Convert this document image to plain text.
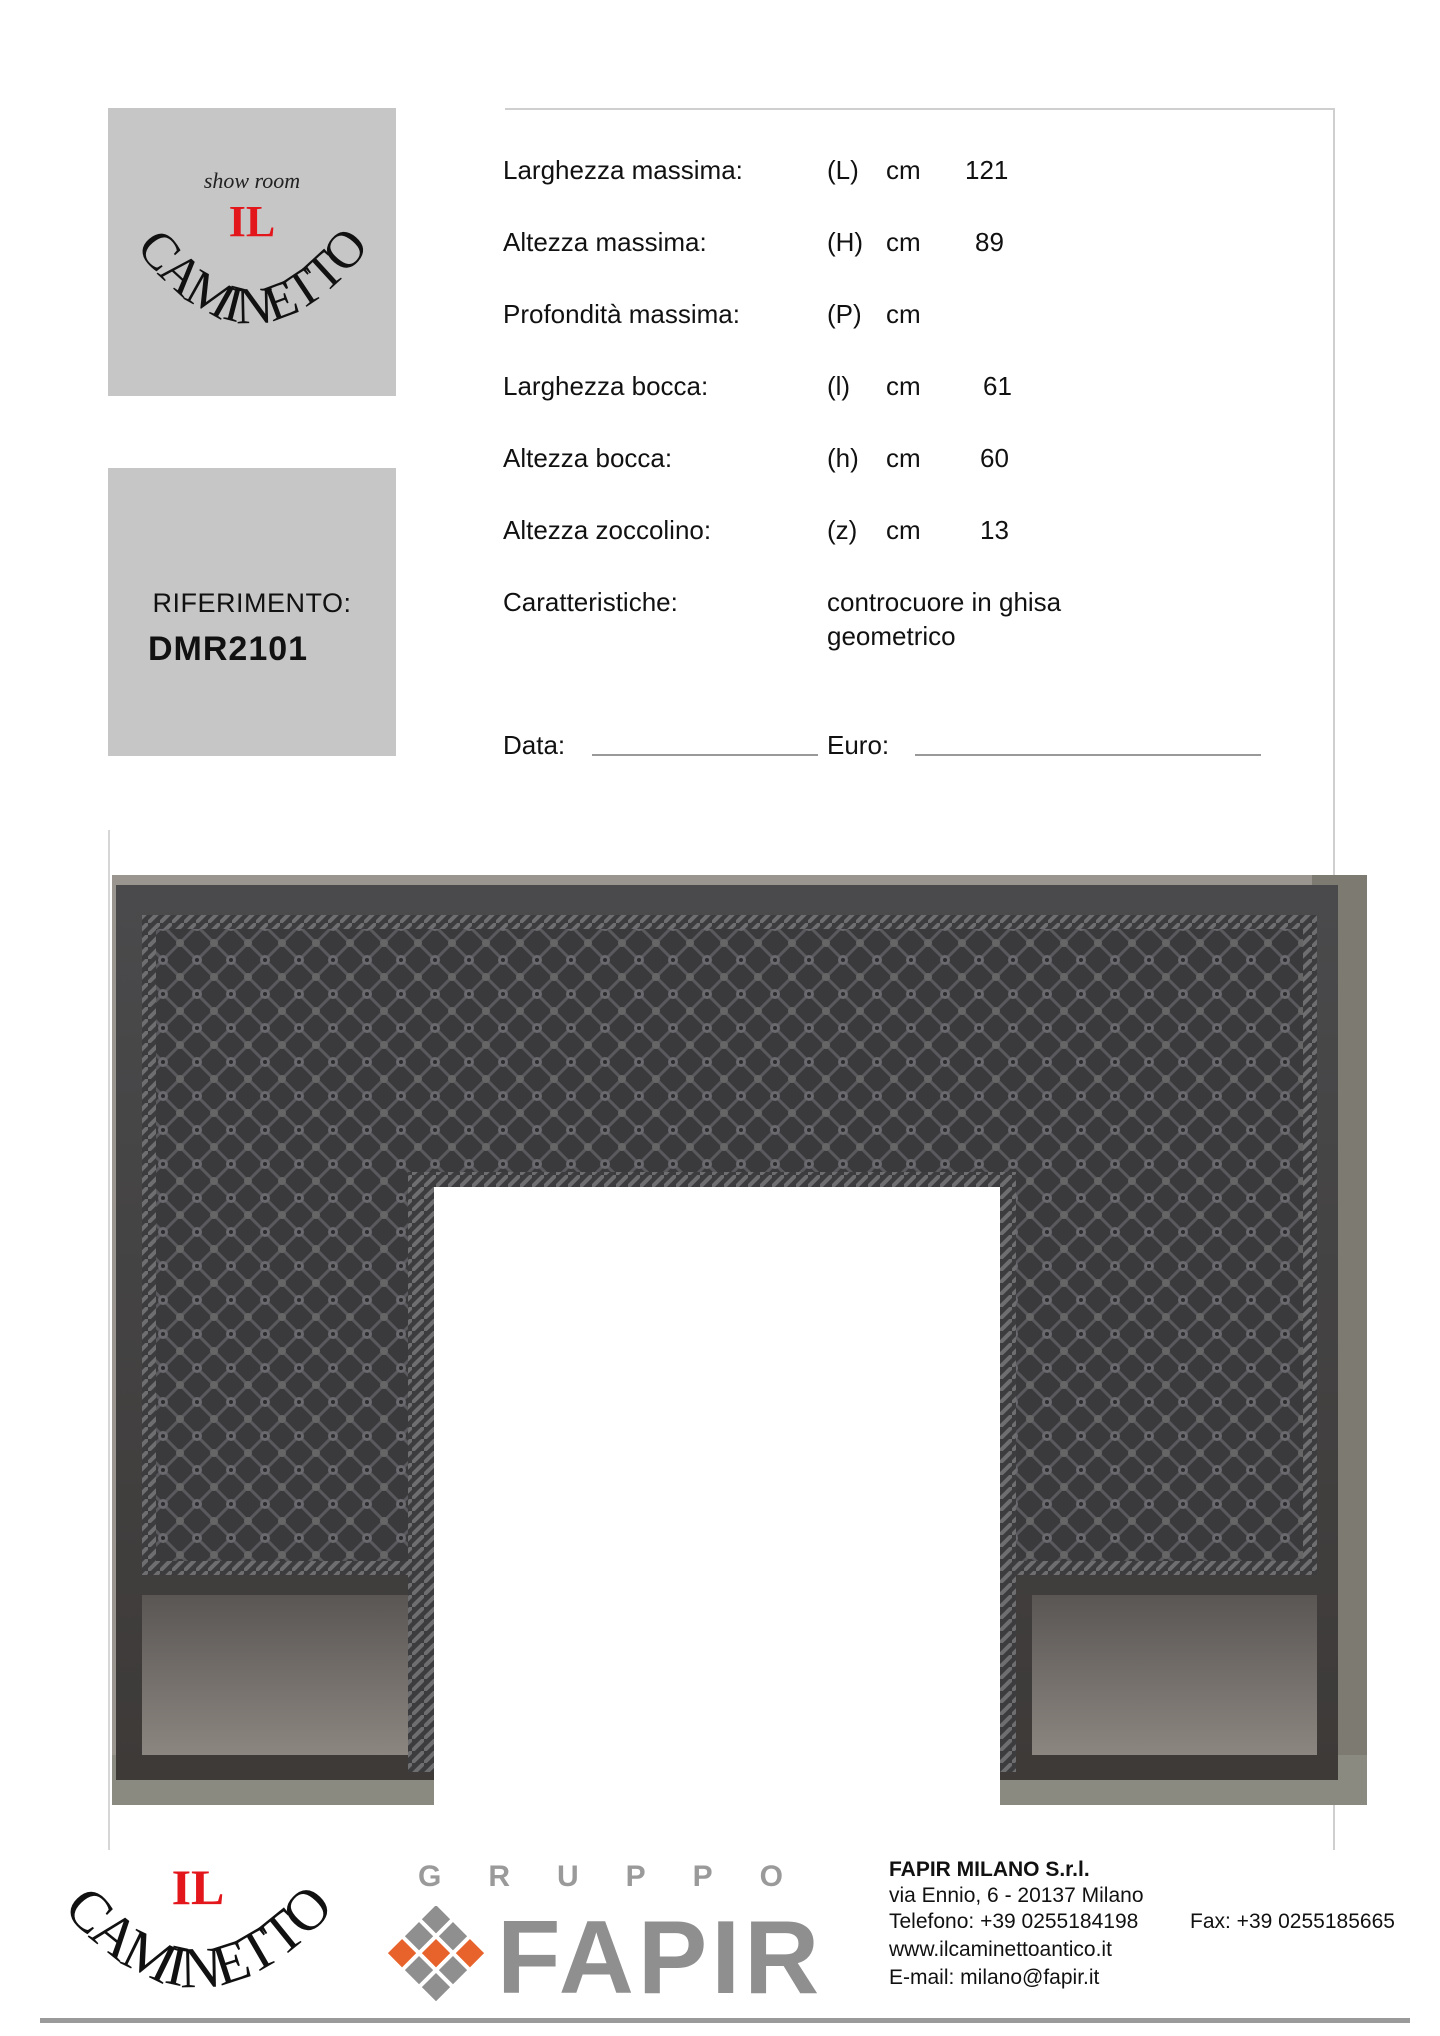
show room
IL
CAMINETTO
RIFERIMENTO:
DMR2101
Larghezza massima:	(L) cm 121
Altezza massima:	(H) cm 89
Profondità massima:	(P) cm
Larghezza bocca:	(l) cm 61
Altezza bocca:	(h) cm 60
Altezza zoccolino:	(z) cm 13
Caratteristiche:	controcuore in ghisa
geometrico
Data:	Euro:
IL
CAMINETTO GRUPPO
FAPIR
FAPIR MILANO S.r.l.
via Ennio, 6 - 20137 Milano
Telefono: +39 0255184198 Fax: +39 0255185665
www.ilcaminettoantico.it
E-mail: milano@fapir.it
